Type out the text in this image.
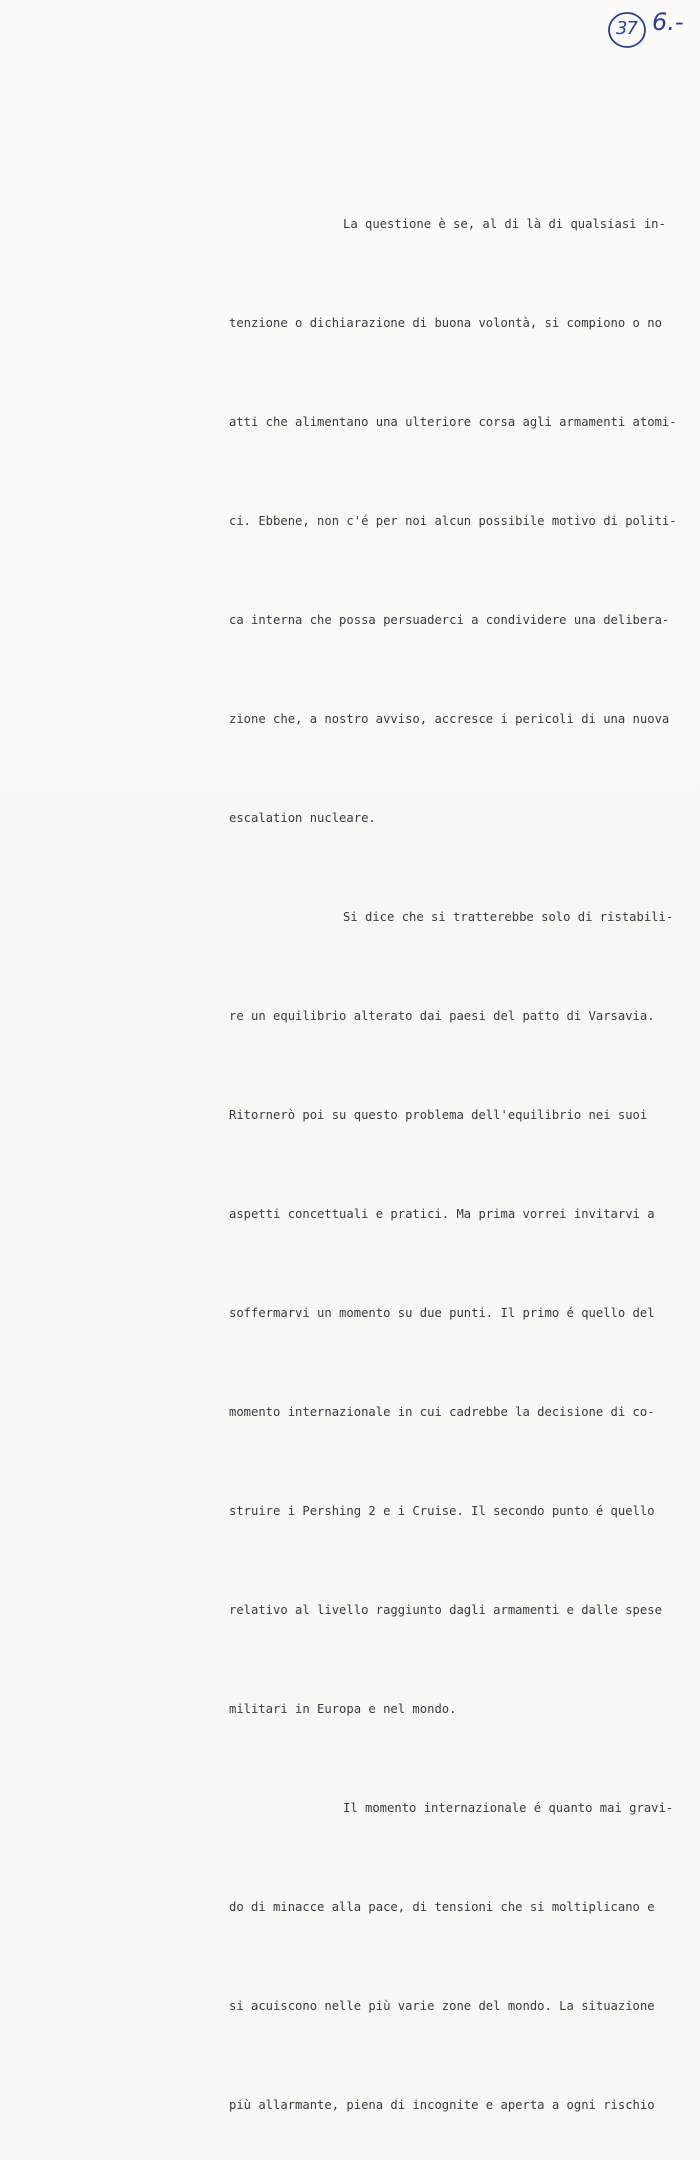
37 6.-

La questione è se, al di là di qualsiasi in-

tenzione o dichiarazione di buona volontà, si compiono o no

atti che alimentano una ulteriore corsa agli armamenti atomi-

ci. Ebbene, non c'é per noi alcun possibile motivo di politi-

ca interna che possa persuaderci a condividere una delibera-

zione che, a nostro avviso, accresce i pericoli di una nuova

escalation nucleare.

Si dice che si tratterebbe solo di ristabili-

re un equilibrio alterato dai paesi del patto di Varsavia.

Ritornerò poi su questo problema dell'equilibrio nei suoi

aspetti concettuali e pratici. Ma prima vorrei invitarvi a

soffermarvi un momento su due punti. Il primo é quello del

momento internazionale in cui cadrebbe la decisione di co-

struire i Pershing 2 e i Cruise. Il secondo punto é quello

relativo al livello raggiunto dagli armamenti e dalle spese

militari in Europa e nel mondo.

Il momento internazionale é quanto mai gravi-

do di minacce alla pace, di tensioni che si moltiplicano e

si acuiscono nelle più varie zone del mondo. La situazione

più allarmante, piena di incognite e aperta a ogni rischio
